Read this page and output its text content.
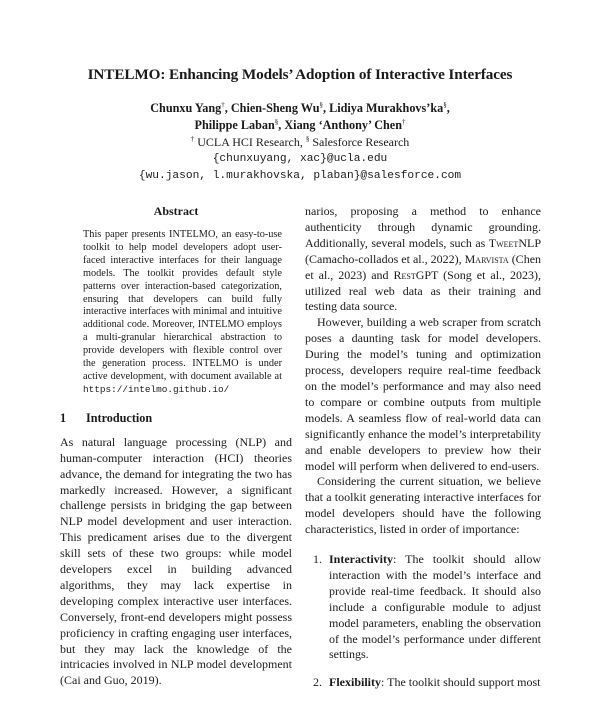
INTELMO: Enhancing Models’ Adoption of Interactive Interfaces
Chunxu Yang†, Chien-Sheng Wu§, Lidiya Murakhovs’ka§,
Philippe Laban§, Xiang ‘Anthony’ Chen†
† UCLA HCI Research, § Salesforce Research
{chunxuyang, xac}@ucla.edu
{wu.jason, l.murakhovska, plaban}@salesforce.com
Abstract

This paper presents INTELMO, an easy-to-use toolkit to help model developers adopt user-faced interactive interfaces for their language models. The toolkit provides default style patterns over interaction-based categorization, ensuring that developers can build fully interactive interfaces with minimal and intuitive additional code. Moreover, INTELMO employs a multi-granular hierarchical abstraction to provide developers with flexible control over the generation process. INTELMO is under active development, with document available at https://intelmo.github.io/

1 Introduction

As natural language processing (NLP) and human-computer interaction (HCI) theories advance, the demand for integrating the two has markedly increased. However, a significant challenge persists in bridging the gap between NLP model development and user interaction. This predicament arises due to the divergent skill sets of these two groups: while model developers excel in building advanced algorithms, they may lack expertise in developing complex interactive user interfaces. Conversely, front-end developers might possess proficiency in crafting engaging user interfaces, but they may lack the knowledge of the intricacies involved in NLP model development (Cai and Guo, 2019).

narios, proposing a method to enhance authenticity through dynamic grounding. Additionally, several models, such as TweetNLP (Camacho-collados et al., 2022), Marvista (Chen et al., 2023) and RestGPT (Song et al., 2023), utilized real web data as their training and testing data source.

However, building a web scraper from scratch poses a daunting task for model developers. During the model’s tuning and optimization process, developers require real-time feedback on the model’s performance and may also need to compare or combine outputs from multiple models. A seamless flow of real-world data can significantly enhance the model’s interpretability and enable developers to preview how their model will perform when delivered to end-users.

Considering the current situation, we believe that a toolkit generating interactive interfaces for model developers should have the following characteristics, listed in order of importance:

1. Interactivity: The toolkit should allow interaction with the model’s interface and provide real-time feedback. It should also include a configurable module to adjust model parameters, enabling the observation of the model’s performance under different settings.
2. Flexibility: The toolkit should support most
